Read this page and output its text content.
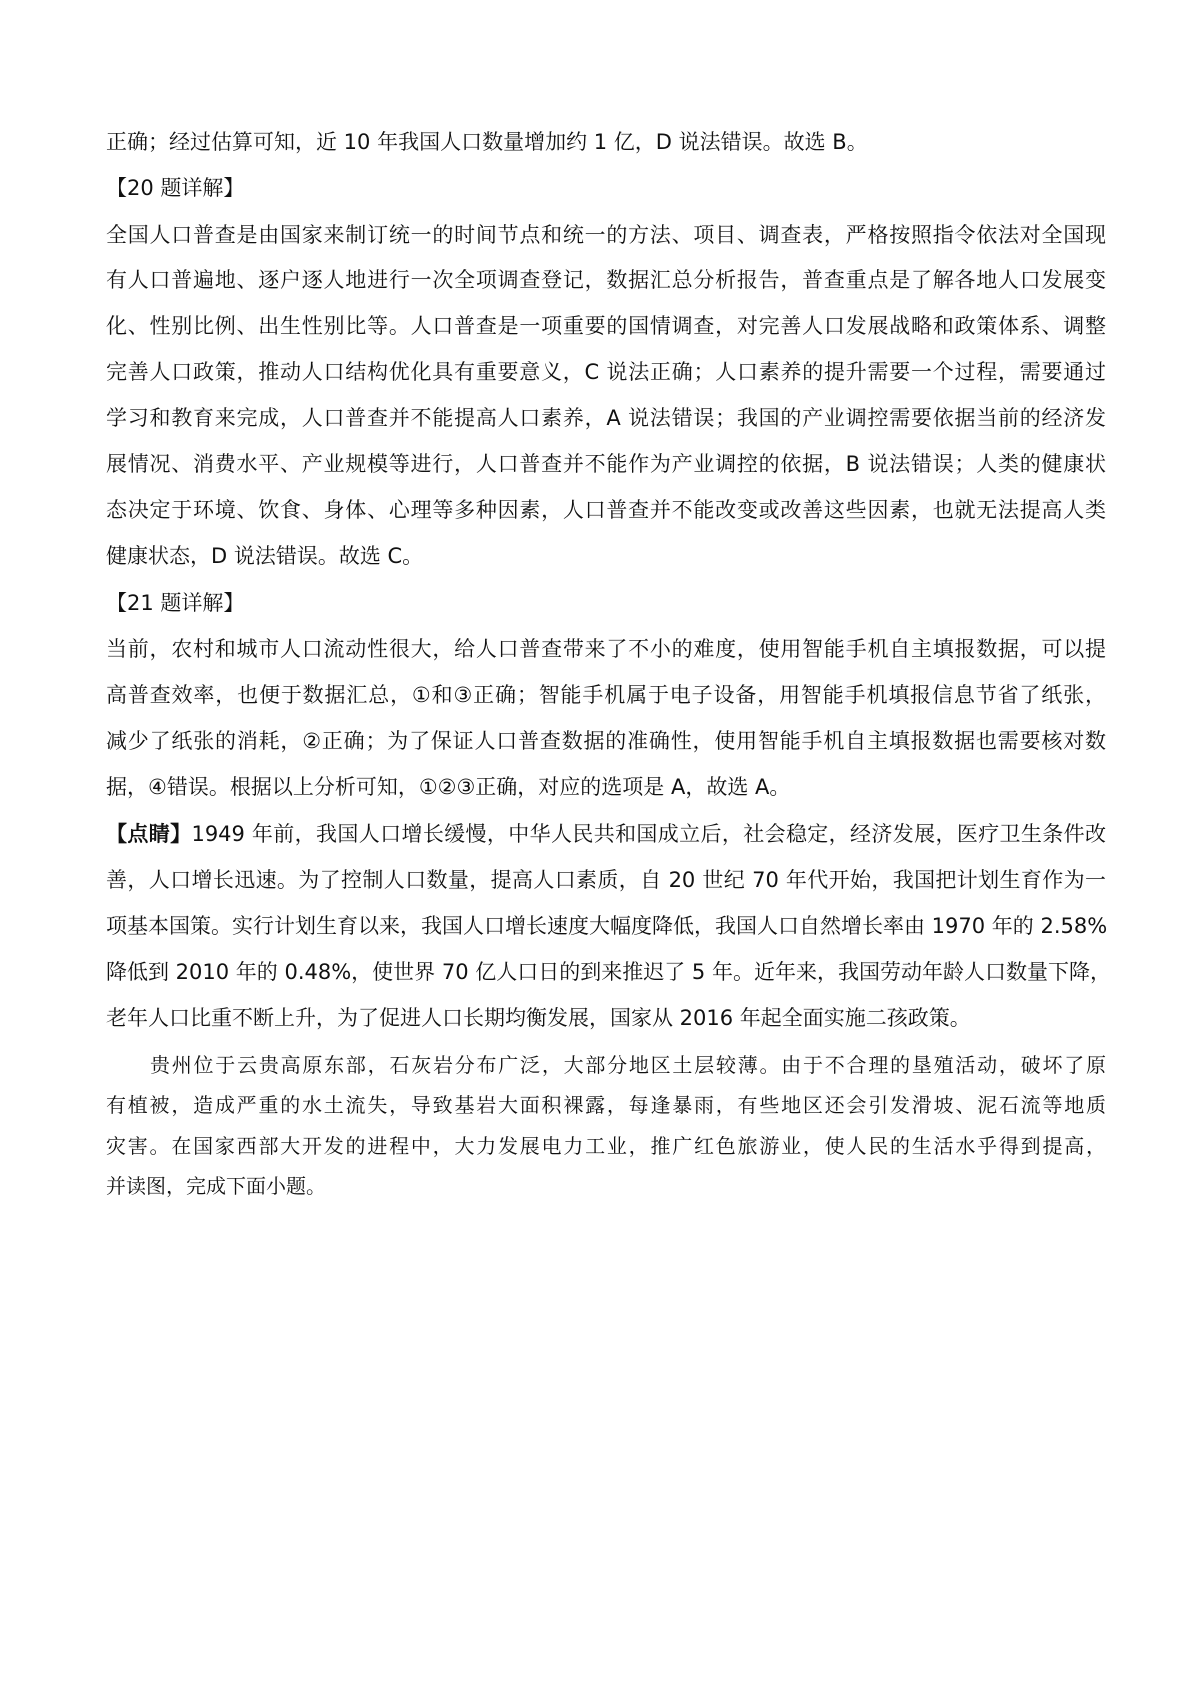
正确；经过估算可知，近 10 年我国人口数量增加约 1 亿，D 说法错误。故选 B。
【20 题详解】
全国人口普查是由国家来制订统一的时间节点和统一的方法、项目、调查表，严格按照指令依法对全国现
有人口普遍地、逐户逐人地进行一次全项调查登记，数据汇总分析报告，普查重点是了解各地人口发展变
化、性别比例、出生性别比等。人口普查是一项重要的国情调查，对完善人口发展战略和政策体系、调整
完善人口政策，推动人口结构优化具有重要意义，C 说法正确；人口素养的提升需要一个过程，需要通过
学习和教育来完成，人口普查并不能提高人口素养，A 说法错误；我国的产业调控需要依据当前的经济发
展情况、消费水平、产业规模等进行，人口普查并不能作为产业调控的依据，B 说法错误；人类的健康状
态决定于环境、饮食、身体、心理等多种因素，人口普查并不能改变或改善这些因素，也就无法提高人类
健康状态，D 说法错误。故选 C。
【21 题详解】
当前，农村和城市人口流动性很大，给人口普查带来了不小的难度，使用智能手机自主填报数据，可以提
高普查效率，也便于数据汇总，①和③正确；智能手机属于电子设备，用智能手机填报信息节省了纸张，
减少了纸张的消耗，②正确；为了保证人口普查数据的准确性，使用智能手机自主填报数据也需要核对数
据，④错误。根据以上分析可知，①②③正确，对应的选项是 A，故选 A。
【点睛】1949 年前，我国人口增长缓慢，中华人民共和国成立后，社会稳定，经济发展，医疗卫生条件改
善，人口增长迅速。为了控制人口数量，提高人口素质，自 20 世纪 70 年代开始，我国把计划生育作为一
项基本国策。实行计划生育以来，我国人口增长速度大幅度降低，我国人口自然增长率由 1970 年的 2.58%
降低到 2010 年的 0.48%，使世界 70 亿人口日的到来推迟了 5 年。近年来，我国劳动年龄人口数量下降，
老年人口比重不断上升，为了促进人口长期均衡发展，国家从 2016 年起全面实施二孩政策。
贵州位于云贵高原东部，石灰岩分布广泛，大部分地区土层较薄。由于不合理的垦殖活动，破坏了原
有植被，造成严重的水土流失，导致基岩大面积裸露，每逢暴雨，有些地区还会引发滑坡、泥石流等地质
灾害。在国家西部大开发的进程中，大力发展电力工业，推广红色旅游业，使人民的生活水乎得到提高，
并读图，完成下面小题。
